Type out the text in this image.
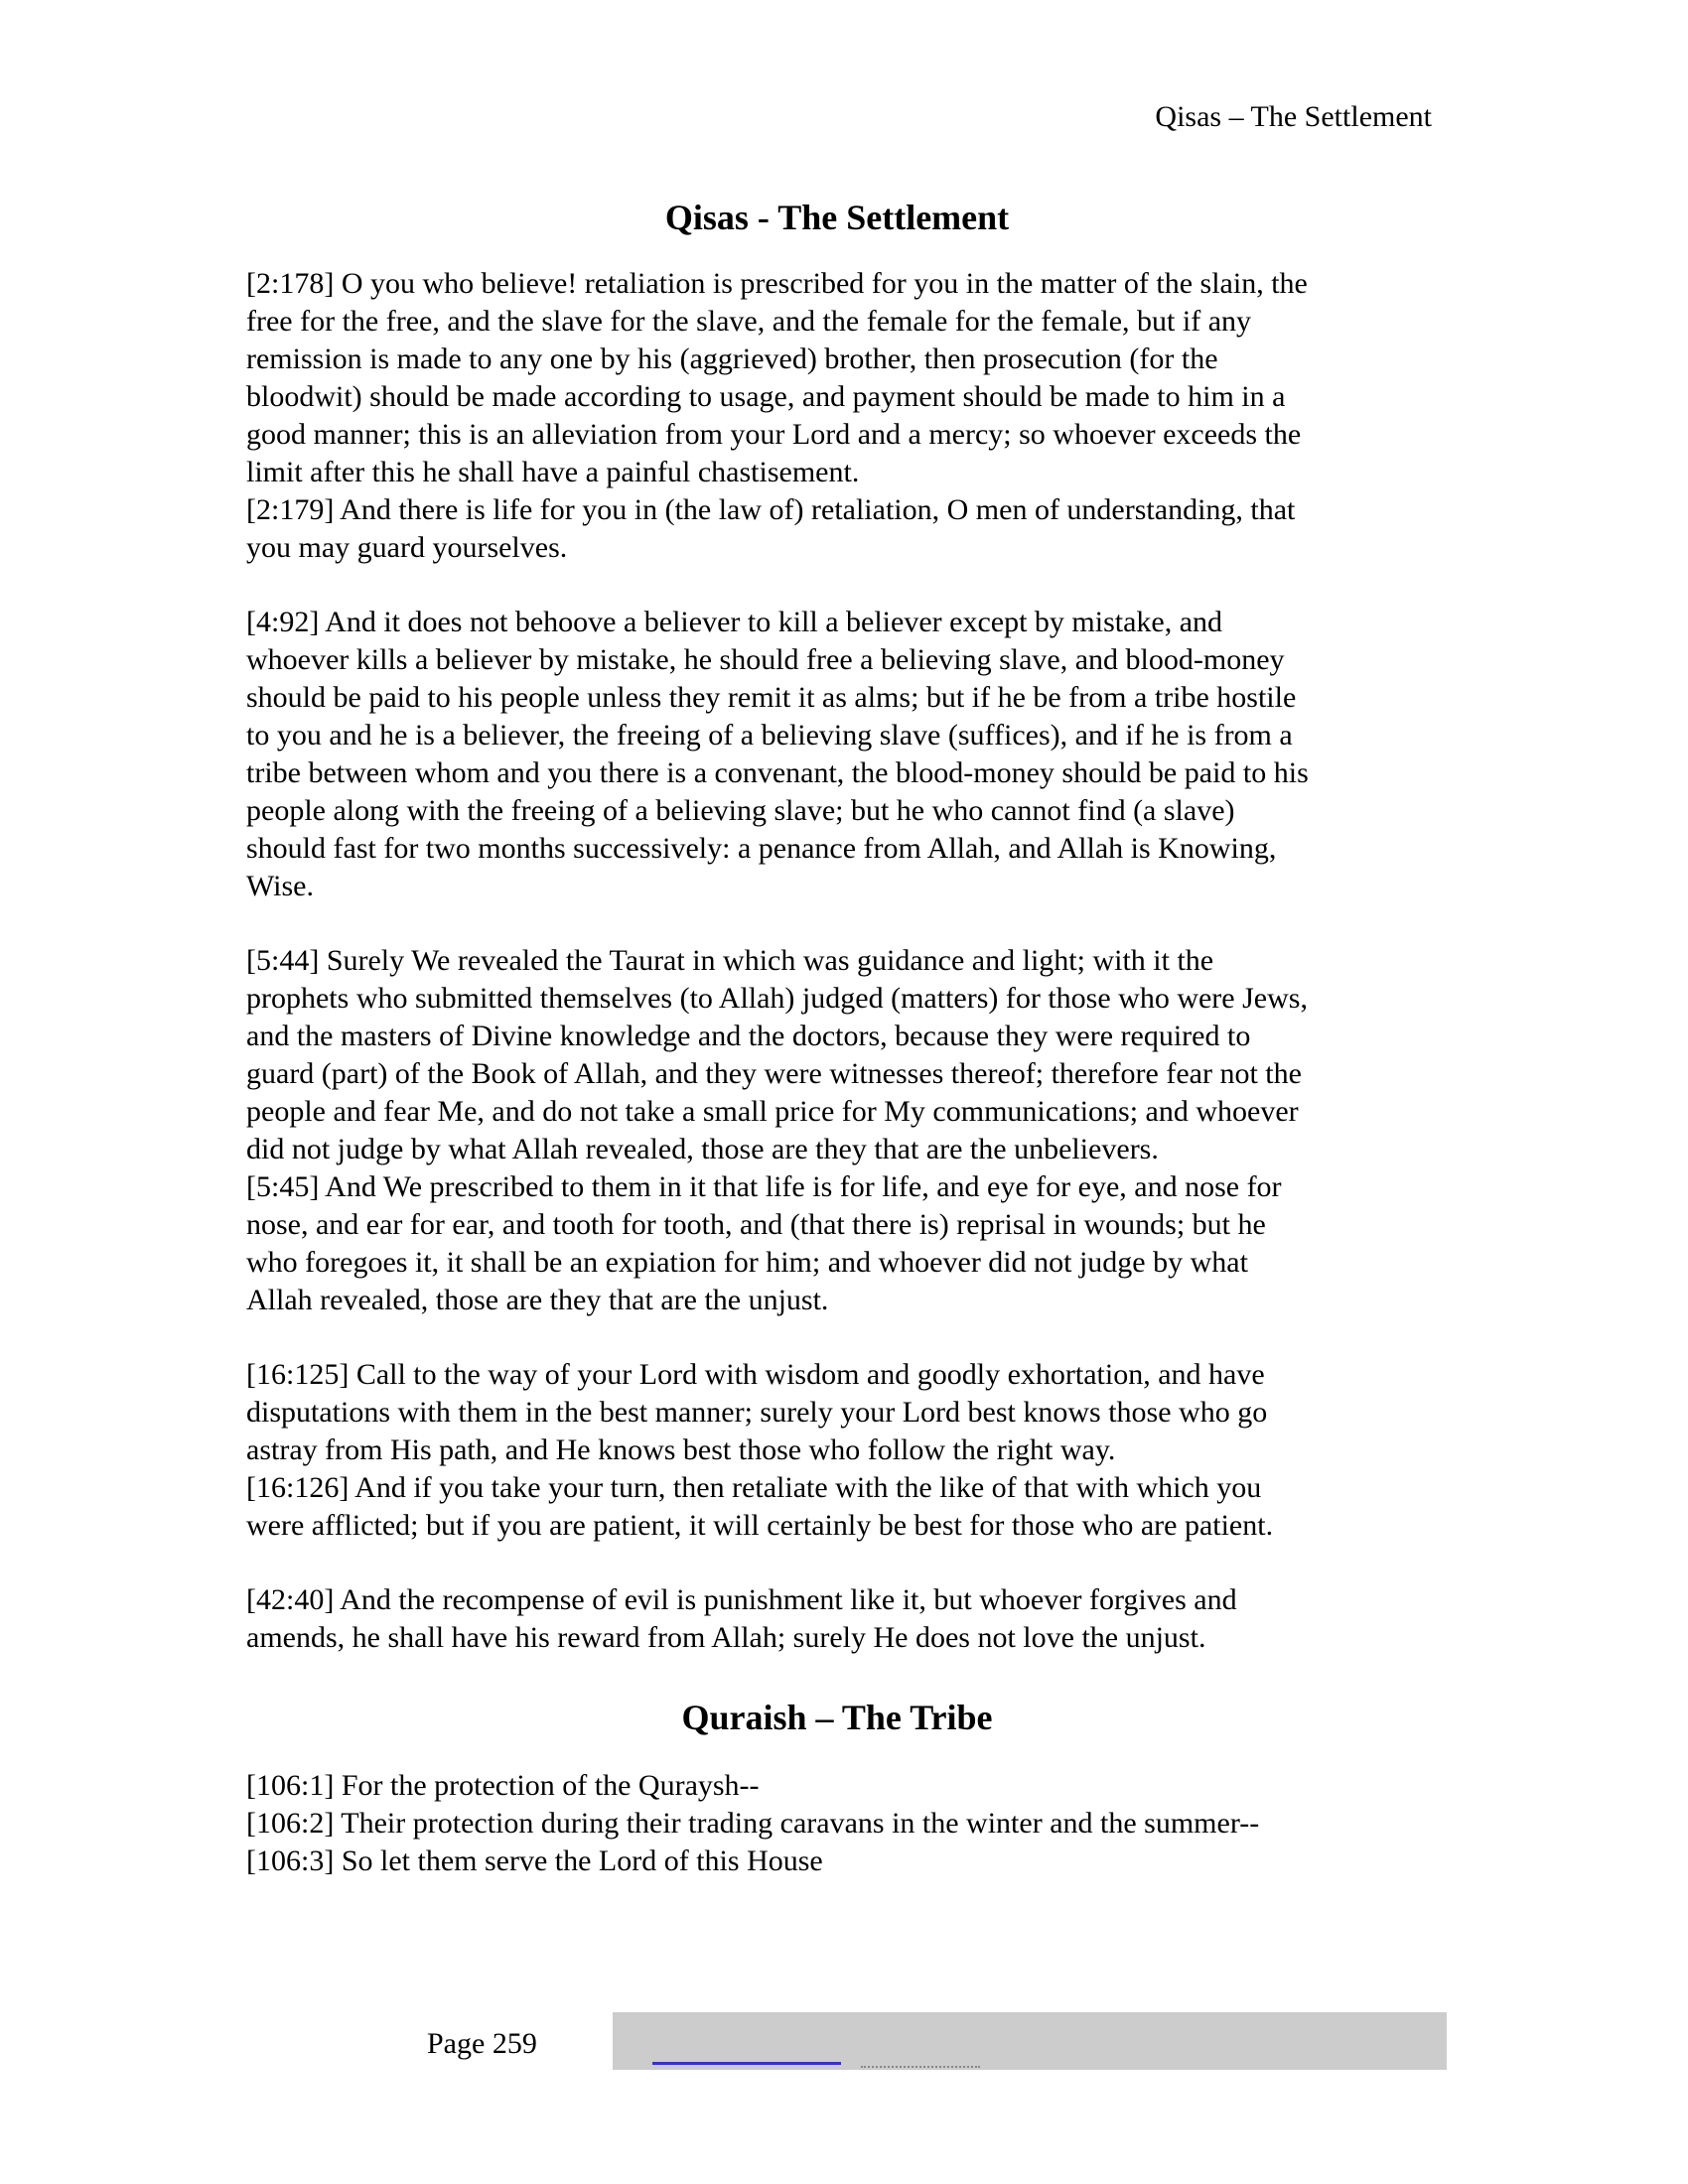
Qisas – The Settlement
Qisas - The Settlement
[2:178] O you who believe! retaliation is prescribed for you in the matter of the slain, the
free for the free, and the slave for the slave, and the female for the female, but if any
remission is made to any one by his (aggrieved) brother, then prosecution (for the
bloodwit) should be made according to usage, and payment should be made to him in a
good manner; this is an alleviation from your Lord and a mercy; so whoever exceeds the
limit after this he shall have a painful chastisement.
[2:179] And there is life for you in (the law of) retaliation, O men of understanding, that
you may guard yourselves.
[4:92] And it does not behoove a believer to kill a believer except by mistake, and
whoever kills a believer by mistake, he should free a believing slave, and blood-money
should be paid to his people unless they remit it as alms; but if he be from a tribe hostile
to you and he is a believer, the freeing of a believing slave (suffices), and if he is from a
tribe between whom and you there is a convenant, the blood-money should be paid to his
people along with the freeing of a believing slave; but he who cannot find (a slave)
should fast for two months successively: a penance from Allah, and Allah is Knowing,
Wise.
[5:44] Surely We revealed the Taurat in which was guidance and light; with it the
prophets who submitted themselves (to Allah) judged (matters) for those who were Jews,
and the masters of Divine knowledge and the doctors, because they were required to
guard (part) of the Book of Allah, and they were witnesses thereof; therefore fear not the
people and fear Me, and do not take a small price for My communications; and whoever
did not judge by what Allah revealed, those are they that are the unbelievers.
[5:45] And We prescribed to them in it that life is for life, and eye for eye, and nose for
nose, and ear for ear, and tooth for tooth, and (that there is) reprisal in wounds; but he
who foregoes it, it shall be an expiation for him; and whoever did not judge by what
Allah revealed, those are they that are the unjust.
[16:125] Call to the way of your Lord with wisdom and goodly exhortation, and have
disputations with them in the best manner; surely your Lord best knows those who go
astray from His path, and He knows best those who follow the right way.
[16:126] And if you take your turn, then retaliate with the like of that with which you
were afflicted; but if you are patient, it will certainly be best for those who are patient.
[42:40] And the recompense of evil is punishment like it, but whoever forgives and
amends, he shall have his reward from Allah; surely He does not love the unjust.
Quraish – The Tribe
[106:1] For the protection of the Quraysh--
[106:2] Their protection during their trading caravans in the winter and the summer--
[106:3] So let them serve the Lord of this House
Page 259
